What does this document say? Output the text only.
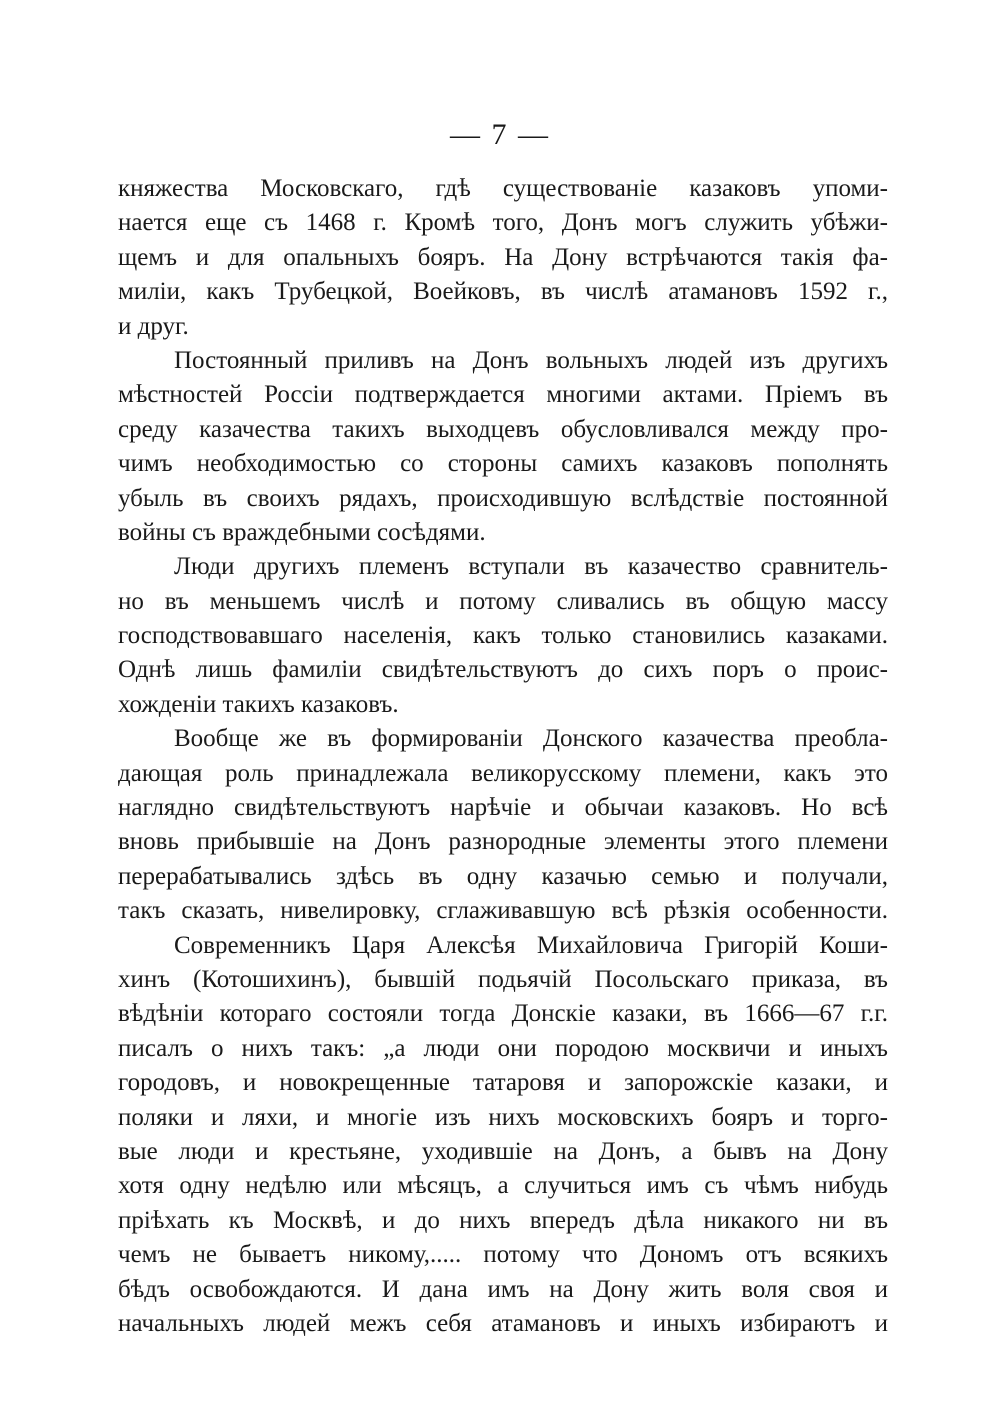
— 7 —
княжества Московскаго, гдѣ существованіе казаковъ упоми-
нается еще съ 1468 г. Кромѣ того, Донъ могъ служить убѣжи-
щемъ и для опальныхъ бояръ. На Дону встрѣчаются такія фа-
миліи, какъ Трубецкой, Воейковъ, въ числѣ атамановъ 1592 г.,
и друг.
Постоянный приливъ на Донъ вольныхъ людей изъ другихъ
мѣстностей Россіи подтверждается многими актами. Пріемъ въ
среду казачества такихъ выходцевъ обусловливался между про-
чимъ необходимостью со стороны самихъ казаковъ пополнять
убыль въ своихъ рядахъ, происходившую вслѣдствіе постоянной
войны съ враждебными сосѣдями.
Люди другихъ племенъ вступали въ казачество сравнитель-
но въ меньшемъ числѣ и потому сливались въ общую массу
господствовавшаго населенія, какъ только становились казаками.
Однѣ лишь фамиліи свидѣтельствуютъ до сихъ поръ о проис-
хожденіи такихъ казаковъ.
Вообще же въ формированіи Донского казачества преобла-
дающая роль принадлежала великорусскому племени, какъ это
наглядно свидѣтельствуютъ нарѣчіе и обычаи казаковъ. Но всѣ
вновь прибывшіе на Донъ разнородные элементы этого племени
перерабатывались здѣсь въ одну казачью семью и получали,
такъ сказать, нивелировку, сглаживавшую всѣ рѣзкія особенности.
Современникъ Царя Алексѣя Михайловича Григорій Коши-
хинъ (Котошихинъ), бывшій подьячій Посольскаго приказа, въ
вѣдѣніи котораго состояли тогда Донскіе казаки, въ 1666—67 г.г.
писалъ о нихъ такъ: „а люди они породою москвичи и иныхъ
городовъ, и новокрещенные татаровя и запорожскіе казаки, и
поляки и ляхи, и многіе изъ нихъ московскихъ бояръ и торго-
вые люди и крестьяне, уходившіе на Донъ, а бывъ на Дону
хотя одну недѣлю или мѣсяцъ, а случиться имъ съ чѣмъ нибудь
пріѣхать къ Москвѣ, и до нихъ впередъ дѣла никакого ни въ
чемъ не бываетъ никому,..... потому что Дономъ отъ всякихъ
бѣдъ освобождаются. И дана имъ на Дону жить воля своя и
начальныхъ людей межъ себя атамановъ и иныхъ избираютъ и
